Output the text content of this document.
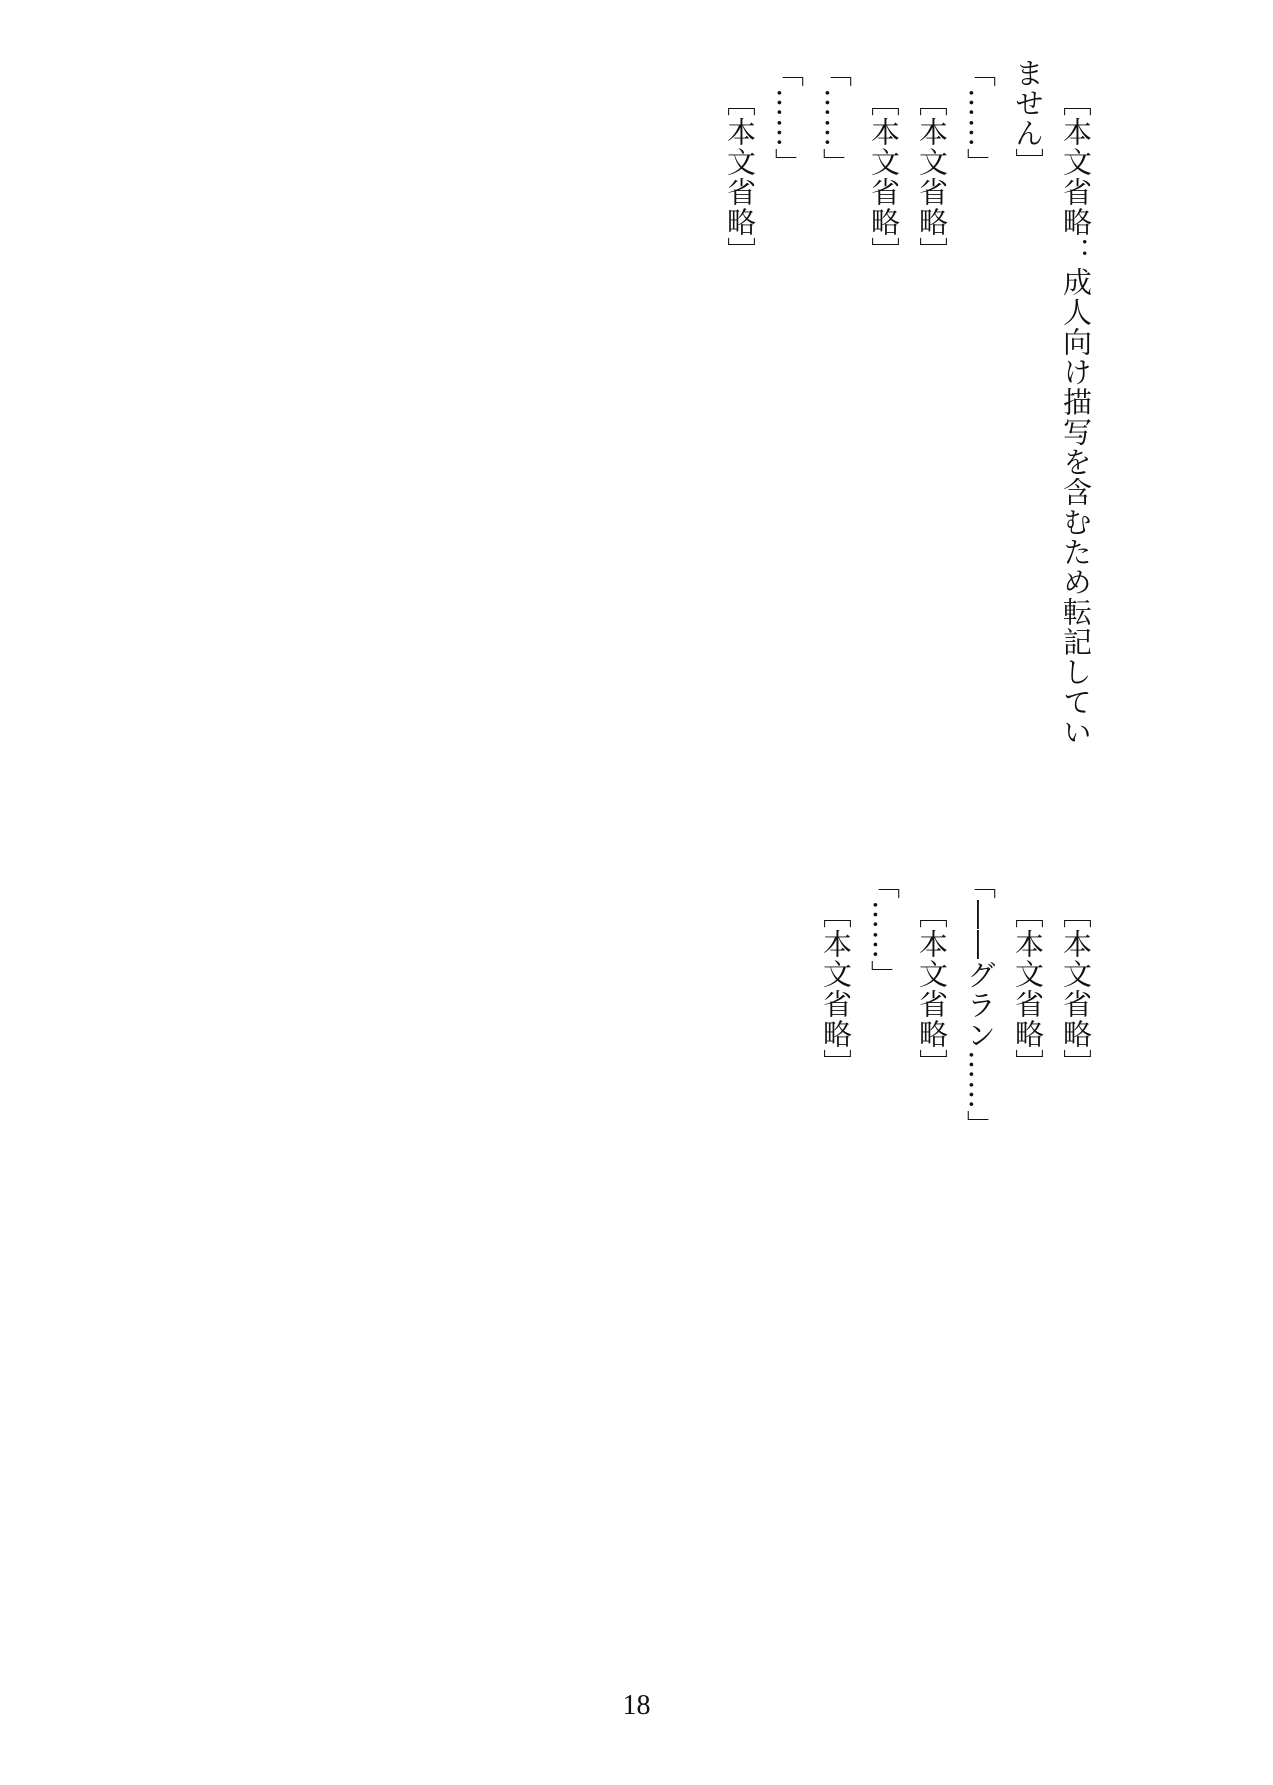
［本文省略：成人向け描写を含むため転記していません］

「……」

［本文省略］

［本文省略］

「……」

「……」

［本文省略］

［本文省略］

［本文省略］

「――グラン……」

［本文省略］

「……」

［本文省略］

18
